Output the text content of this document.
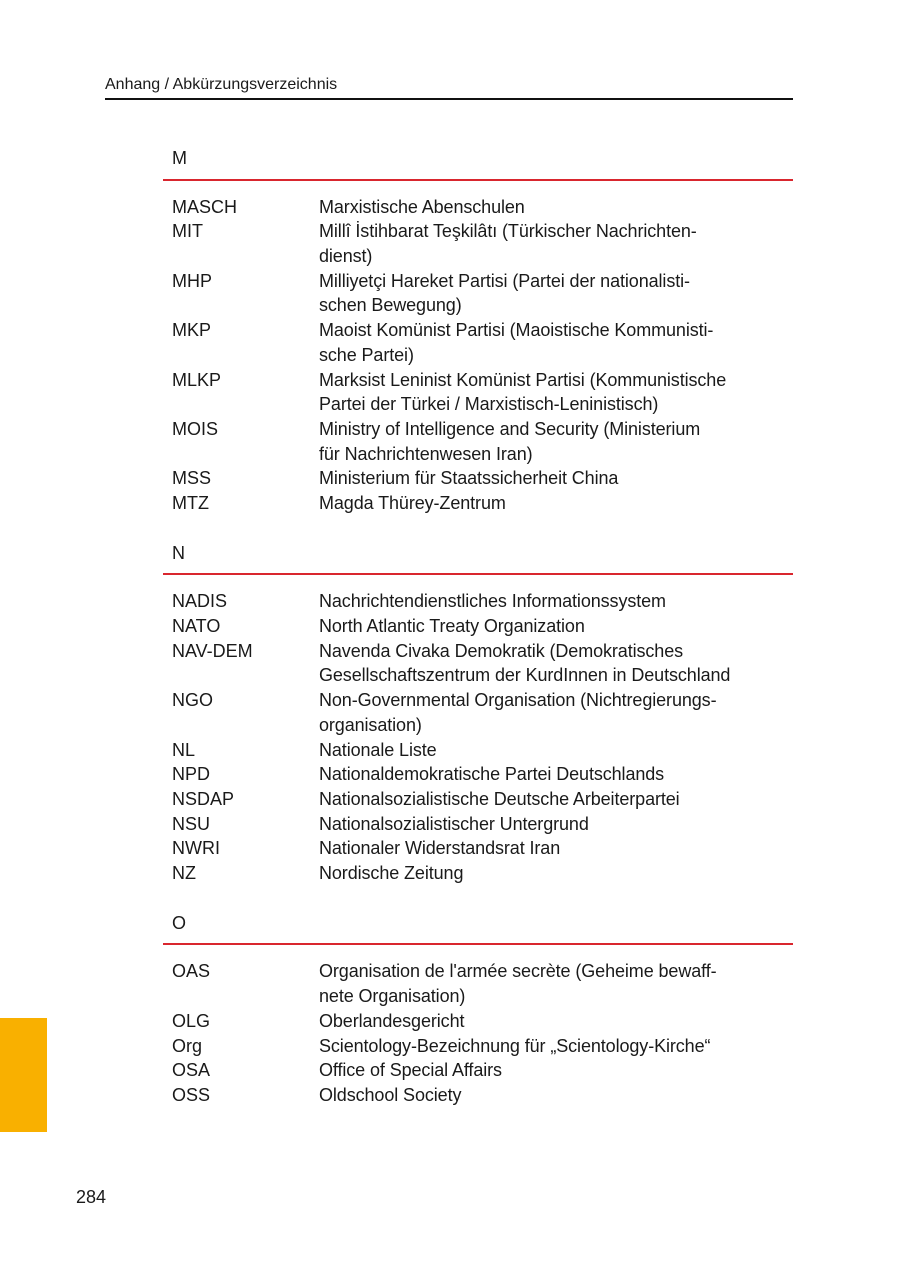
Anhang / Abkürzungsverzeichnis
M
MASCH	Marxistische Abenschulen
MIT	Millî İstihbarat Teşkilâtı (Türkischer Nachrichten-
dienst)
MHP	Milliyetçi Hareket Partisi (Partei der nationalisti-
schen Bewegung)
MKP	Maoist Komünist Partisi (Maoistische Kommunisti-
sche Partei)
MLKP	Marksist Leninist Komünist Partisi (Kommunistische
Partei der Türkei / Marxistisch-Leninistisch)
MOIS	Ministry of Intelligence and Security (Ministerium
für Nachrichtenwesen Iran)
MSS	Ministerium für Staatssicherheit China
MTZ	Magda Thürey-Zentrum
N
NADIS	Nachrichtendienstliches Informationssystem
NATO	North Atlantic Treaty Organization
NAV-DEM	Navenda Civaka Demokratik (Demokratisches
Gesellschaftszentrum der KurdInnen in Deutschland
NGO	Non-Governmental Organisation (Nichtregierungs-
organisation)
NL	Nationale Liste
NPD	Nationaldemokratische Partei Deutschlands
NSDAP	Nationalsozialistische Deutsche Arbeiterpartei
NSU	Nationalsozialistischer Untergrund
NWRI	Nationaler Widerstandsrat Iran
NZ	Nordische Zeitung
O
OAS	Organisation de l'armée secrète (Geheime bewaff-
nete Organisation)
OLG	Oberlandesgericht
Org	Scientology-Bezeichnung für „Scientology-Kirche“
OSA	Office of Special Affairs
OSS	Oldschool Society
284
